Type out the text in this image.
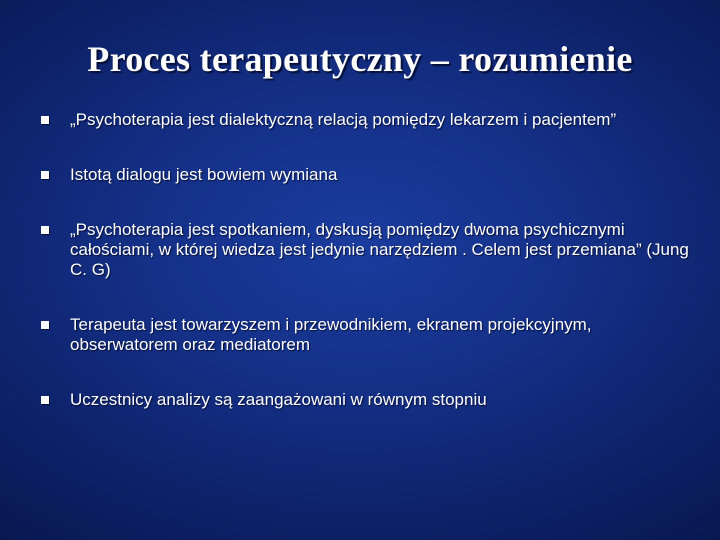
Proces terapeutyczny – rozumienie
„Psychoterapia jest dialektyczną relacją pomiędzy lekarzem i pacjentem”
Istotą dialogu jest bowiem wymiana
„Psychoterapia jest spotkaniem, dyskusją pomiędzy dwoma psychicznymi całościami, w której wiedza jest jedynie narzędziem . Celem jest przemiana” (Jung C. G)
Terapeuta jest towarzyszem i przewodnikiem, ekranem projekcyjnym, obserwatorem oraz mediatorem
Uczestnicy analizy są zaangażowani w równym stopniu
